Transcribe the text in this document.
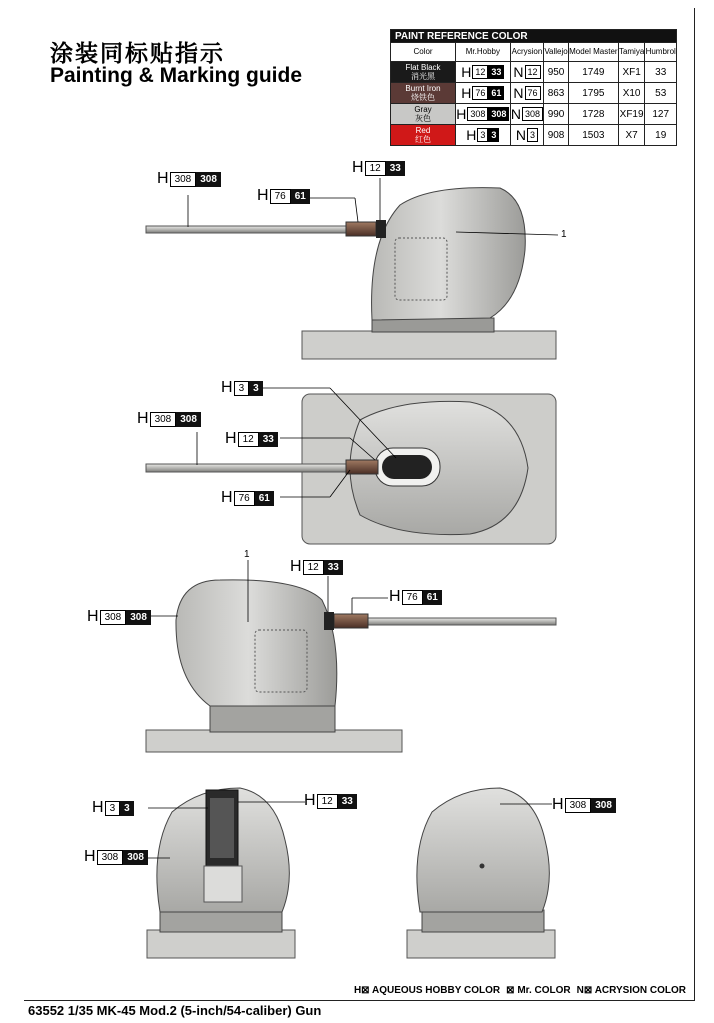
涂装同标贴指示
Painting & Marking guide
PAINT REFERENCE COLOR						
Color	Mr.Hobby	Acrysion	Vallejo	Model Master	Tamiya	Humbrol
Flat Black
消光黑	H 12 33	N 12	950	1749	XF1	33
Burnt Iron
烧铁色	H 76 61	N 76	863	1795	X10	53
Gray
灰色	H 308 308	N 308	990	1728	XF19	127
Red
红色	H 3 3	N 3	908	1503	X7	19
H 308 308
H 76 61
H 12 33
1
H 3 3
H 308 308
H 12 33
H 76 61
1
H 12 33
H 76 61
H 308 308
H 3 3	H 12 33
H 308 308
H 308 308
H⊠ AQUEOUS HOBBY COLOR ⊠ Mr. COLOR N⊠ ACRYSION COLOR
63552 1/35 MK-45 Mod.2 (5-inch/54-caliber) Gun
